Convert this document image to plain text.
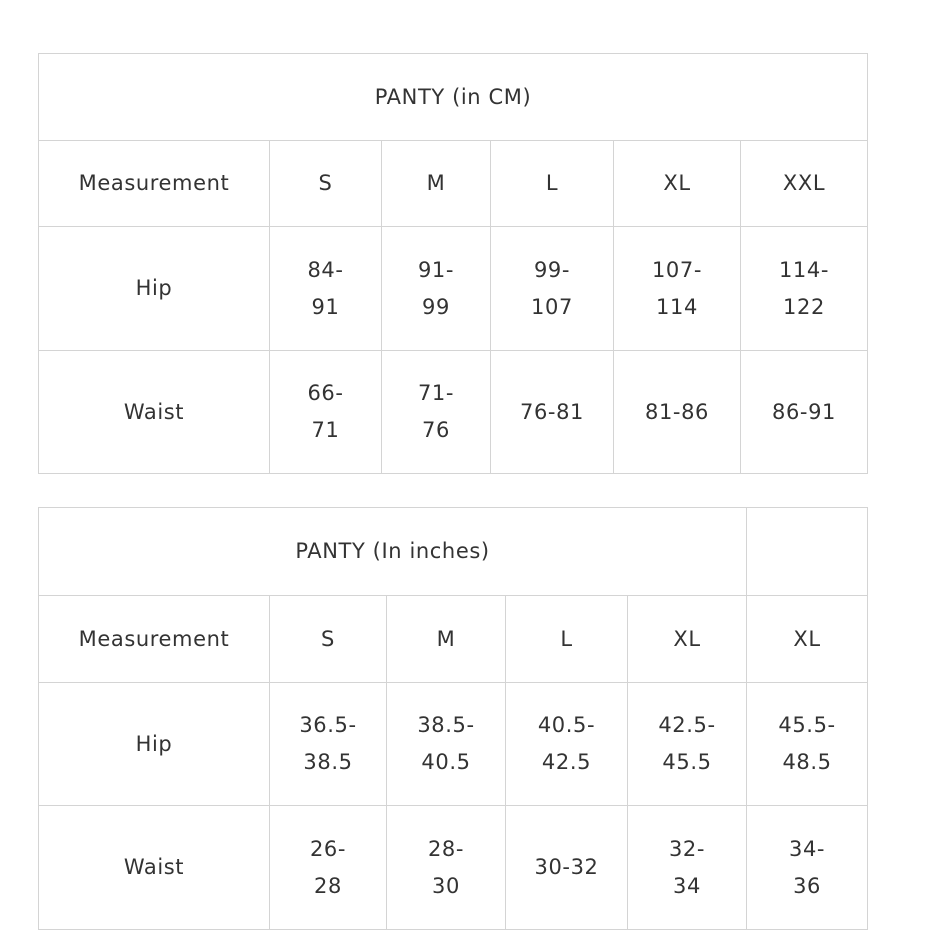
PANTY (in CM)					
Measurement	S	M	L	XL	XXL
Hip	84-91	91-99	99-107	107-114	114-122
Waist	66-71	71-76	76-81	81-86	86-91
PANTY (In inches)					
Measurement	S	M	L	XL	XL
Hip	36.5-38.5	38.5-40.5	40.5-42.5	42.5-45.5	45.5-48.5
Waist	26-28	28-30	30-32	32-34	34-36
